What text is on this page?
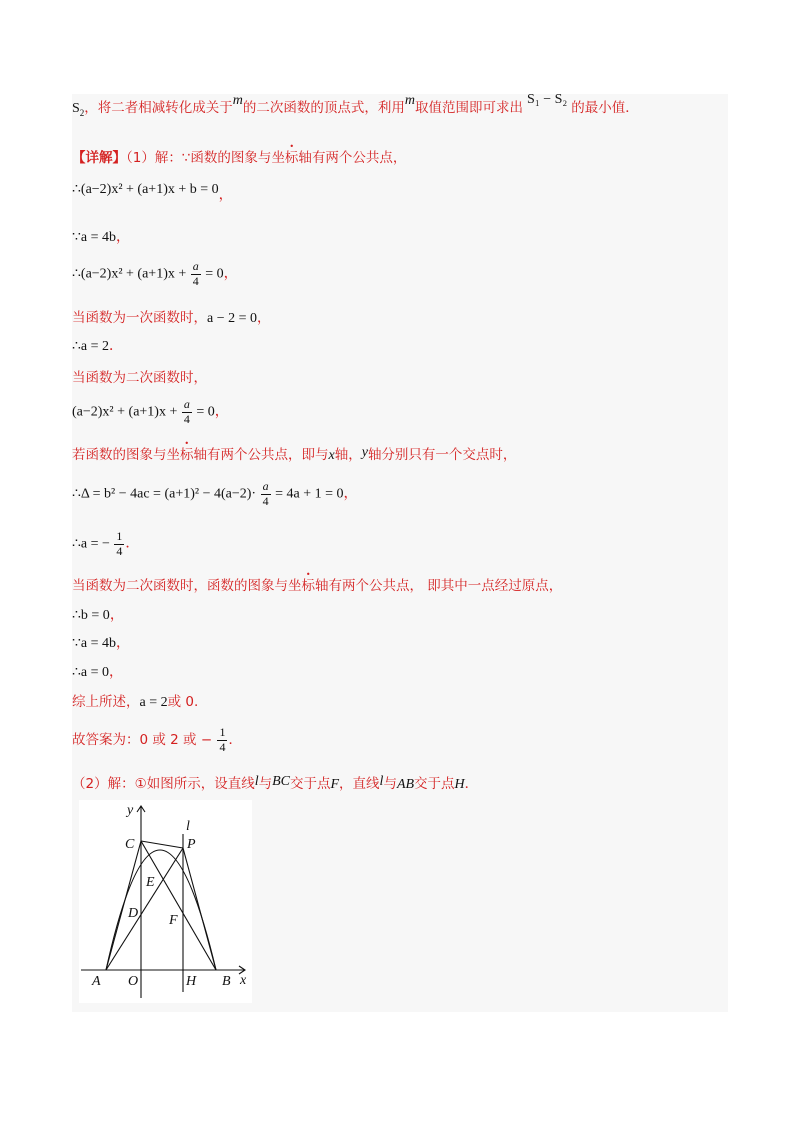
$S_2$，将二者相减转化成关于m的二次函数的顶点式，利用m取值范围即可求出S₁ − S₂的最小值．
【详解】（1）解：∵函数的图象与坐标轴有两个公共点，
∴(a−2)x² + (a+1)x + b = 0，
∵a = 4b，
∴(a−2)x² + $(a+1)x + \frac{a}{4} = 0$，
当函数为一次函数时，a − 2 = 0，
∴a = 2．
当函数为二次函数时，
$(a-2)x^2 + (a+1)x + \frac{a}{4} = 0$，
若函数的图象与坐标轴有两个公共点，即与x轴，y轴分别只有一个交点时，
∴Δ = $b^2 - 4ac = (a+1)^2 - 4(a-2)\cdot \frac{a}{4} = 4a + 1 = 0$，
∴a = − $\frac{1}{4}$ ．
当函数为二次函数时，函数的图象与坐标轴有两个公共点， 即其中一点经过原点，
∴b = 0，
∵a = 4b，
∴a = 0，
综上所述，a = 2或 0.
故答案为：0 或 2 或 − $\frac{1}{4}$ ．
（2）解：①如图所示，设直线l与BC交于点F，直线l与AB交于点H．
y
l
C	P
E
D F
A O	H B x
